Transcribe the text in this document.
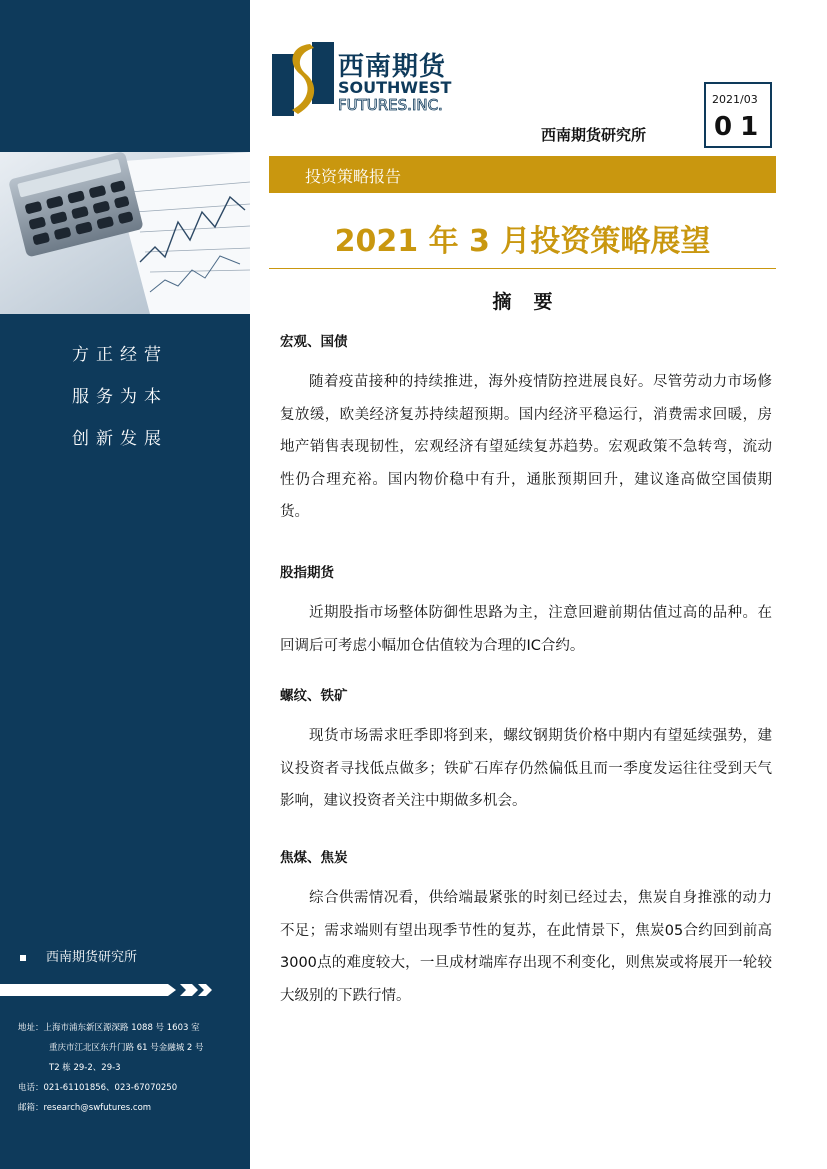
方正经营
服务为本
创新发展
西南期货研究所
地址：上海市浦东新区源深路 1088 号 1603 室
重庆市江北区东升门路 61 号金融城 2 号
T2 栋 29-2、29-3
电话：021-61101856、023-67070250
邮箱：research@swfutures.com
西南期货
SOUTHWEST
FUTURES.INC.	2021/03
01
西南期货研究所
投资策略报告
2021 年 3 月投资策略展望
摘要
宏观、国债
随着疫苗接种的持续推进，海外疫情防控进展良好。尽管劳动力市场修复放缓，欧美经济复苏持续超预期。国内经济平稳运行，消费需求回暖，房地产销售表现韧性，宏观经济有望延续复苏趋势。宏观政策不急转弯，流动性仍合理充裕。国内物价稳中有升，通胀预期回升，建议逢高做空国债期货。
股指期货
近期股指市场整体防御性思路为主，注意回避前期估值过高的品种。在回调后可考虑小幅加仓估值较为合理的IC合约。
螺纹、铁矿
现货市场需求旺季即将到来，螺纹钢期货价格中期内有望延续强势，建议投资者寻找低点做多；铁矿石库存仍然偏低且而一季度发运往往受到天气影响，建议投资者关注中期做多机会。
焦煤、焦炭
综合供需情况看，供给端最紧张的时刻已经过去，焦炭自身推涨的动力不足；需求端则有望出现季节性的复苏，在此情景下，焦炭05合约回到前高3000点的难度较大，一旦成材端库存出现不利变化，则焦炭或将展开一轮较大级别的下跌行情。
